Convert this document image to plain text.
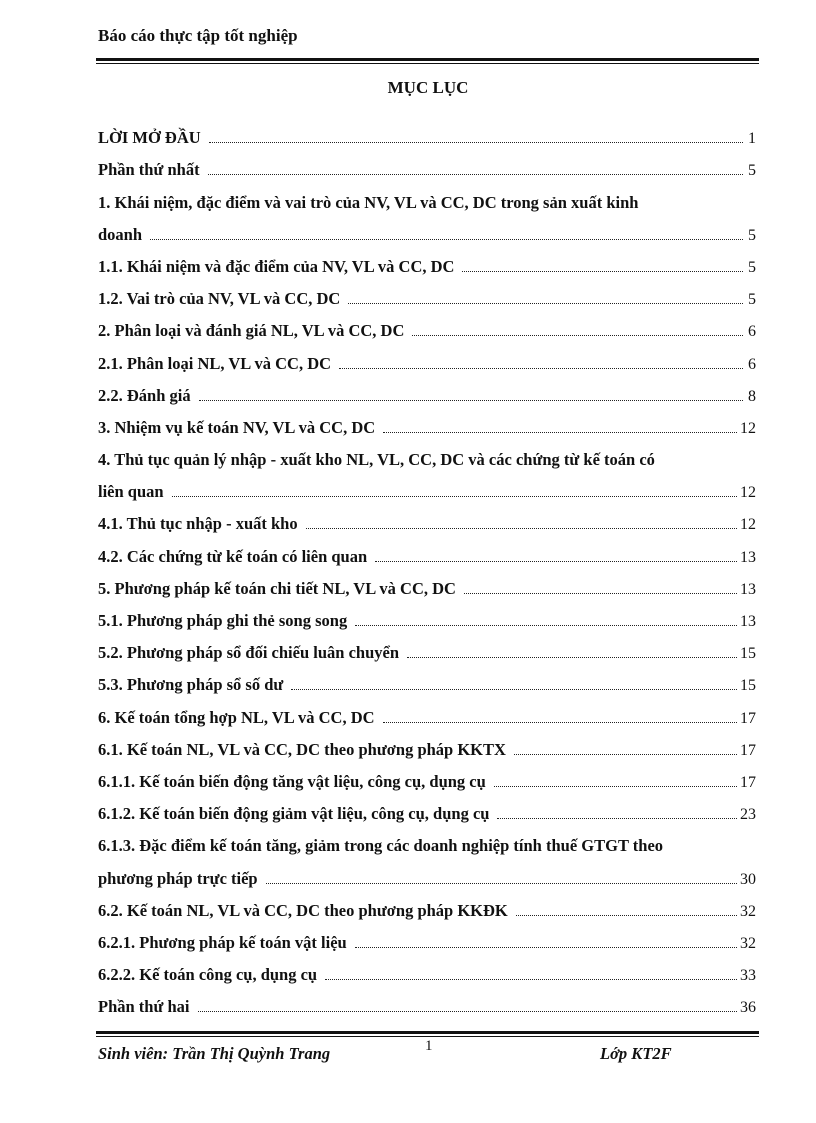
Báo cáo thực tập tốt nghiệp
MỤC LỤC
LỜI MỞ ĐẦU	1
Phần thứ nhất	5
1. Khái niệm, đặc điểm và vai trò của NV, VL và CC, DC trong sản xuất kinh
doanh	5
1.1. Khái niệm và đặc điểm của NV, VL và CC, DC	5
1.2. Vai trò của NV, VL và CC, DC	5
2. Phân loại và đánh giá NL, VL và CC, DC	6
2.1. Phân loại NL, VL và CC, DC	6
2.2. Đánh giá	8
3. Nhiệm vụ kế toán NV, VL và CC, DC	12
4. Thủ tục quản lý nhập - xuất kho NL, VL, CC, DC và các chứng từ kế toán có
liên quan	12
4.1. Thủ tục nhập - xuất kho	12
4.2. Các chứng từ kế toán có liên quan	13
5. Phương pháp kế toán chi tiết NL, VL và CC, DC	13
5.1. Phương pháp ghi thẻ song song	13
5.2. Phương pháp sổ đối chiếu luân chuyển	15
5.3. Phương pháp sổ số dư	15
6. Kế toán tổng hợp NL, VL và CC, DC	17
6.1. Kế toán NL, VL và CC, DC theo phương pháp KKTX	17
6.1.1. Kế toán biến động tăng vật liệu, công cụ, dụng cụ	17
6.1.2. Kế toán biến động giảm vật liệu, công cụ, dụng cụ	23
6.1.3. Đặc điểm kế toán tăng, giảm trong các doanh nghiệp tính thuế GTGT theo
phương pháp trực tiếp	30
6.2. Kế toán NL, VL và CC, DC theo phương pháp KKĐK	32
6.2.1. Phương pháp kế toán vật liệu	32
6.2.2. Kế toán công cụ, dụng cụ	33
Phần thứ hai	36
Sinh viên: Trần Thị Quỳnh Trang	1	Lớp KT2F
